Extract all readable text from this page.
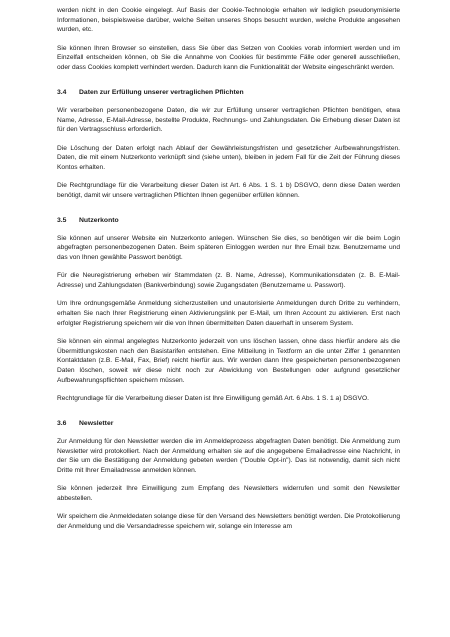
werden nicht in den Cookie eingelegt. Auf Basis der Cookie-Technologie erhalten wir lediglich pseudonymisierte Informationen, beispielsweise darüber, welche Seiten unseres Shops besucht wurden, welche Produkte angesehen wurden, etc.

Sie können Ihren Browser so einstellen, dass Sie über das Setzen von Cookies vorab informiert werden und im Einzelfall entscheiden können, ob Sie die Annahme von Cookies für bestimmte Fälle oder generell ausschließen, oder dass Cookies komplett verhindert werden. Dadurch kann die Funktionalität der Website eingeschränkt werden.

3.4 Daten zur Erfüllung unserer vertraglichen Pflichten

Wir verarbeiten personenbezogene Daten, die wir zur Erfüllung unserer vertraglichen Pflichten benötigen, etwa Name, Adresse, E-Mail-Adresse, bestellte Produkte, Rechnungs- und Zahlungsdaten. Die Erhebung dieser Daten ist für den Vertragsschluss erforderlich.

Die Löschung der Daten erfolgt nach Ablauf der Gewährleistungsfristen und gesetzlicher Aufbewahrungsfristen. Daten, die mit einem Nutzerkonto verknüpft sind (siehe unten), bleiben in jedem Fall für die Zeit der Führung dieses Kontos erhalten.

Die Rechtgrundlage für die Verarbeitung dieser Daten ist Art. 6 Abs. 1 S. 1 b) DSGVO, denn diese Daten werden benötigt, damit wir unsere vertraglichen Pflichten Ihnen gegenüber erfüllen können.

3.5 Nutzerkonto

Sie können auf unserer Website ein Nutzerkonto anlegen. Wünschen Sie dies, so benötigen wir die beim Login abgefragten personenbezogenen Daten. Beim späteren Einloggen werden nur Ihre Email bzw. Benutzername und das von Ihnen gewählte Passwort benötigt.

Für die Neuregistrierung erheben wir Stammdaten (z. B. Name, Adresse), Kommunikationsdaten (z. B. E-Mail-Adresse) und Zahlungsdaten (Bankverbindung) sowie Zugangsdaten (Benutzername u. Passwort).

Um Ihre ordnungsgemäße Anmeldung sicherzustellen und unautorisierte Anmeldungen durch Dritte zu verhindern, erhalten Sie nach Ihrer Registrierung einen Aktivierungslink per E-Mail, um Ihren Account zu aktivieren. Erst nach erfolgter Registrierung speichern wir die von Ihnen übermittelten Daten dauerhaft in unserem System.

Sie können ein einmal angelegtes Nutzerkonto jederzeit von uns löschen lassen, ohne dass hierfür andere als die Übermittlungskosten nach den Basistarifen entstehen. Eine Mitteilung in Textform an die unter Ziffer 1 genannten Kontaktdaten (z.B. E-Mail, Fax, Brief) reicht hierfür aus. Wir werden dann Ihre gespeicherten personenbezogenen Daten löschen, soweit wir diese nicht noch zur Abwicklung von Bestellungen oder aufgrund gesetzlicher Aufbewahrungspflichten speichern müssen.

Rechtgrundlage für die Verarbeitung dieser Daten ist Ihre Einwilligung gemäß Art. 6 Abs. 1 S. 1 a) DSGVO.

3.6 Newsletter

Zur Anmeldung für den Newsletter werden die im Anmeldeprozess abgefragten Daten benötigt. Die Anmeldung zum Newsletter wird protokolliert. Nach der Anmeldung erhalten sie auf die angegebene Emailadresse eine Nachricht, in der Sie um die Bestätigung der Anmeldung gebeten werden ("Double Opt-in"). Das ist notwendig, damit sich nicht Dritte mit Ihrer Emailadresse anmelden können.

Sie können jederzeit Ihre Einwilligung zum Empfang des Newsletters widerrufen und somit den Newsletter abbestellen.

Wir speichern die Anmeldedaten solange diese für den Versand des Newsletters benötigt werden. Die Protokollierung der Anmeldung und die Versandadresse speichern wir, solange ein Interesse am
